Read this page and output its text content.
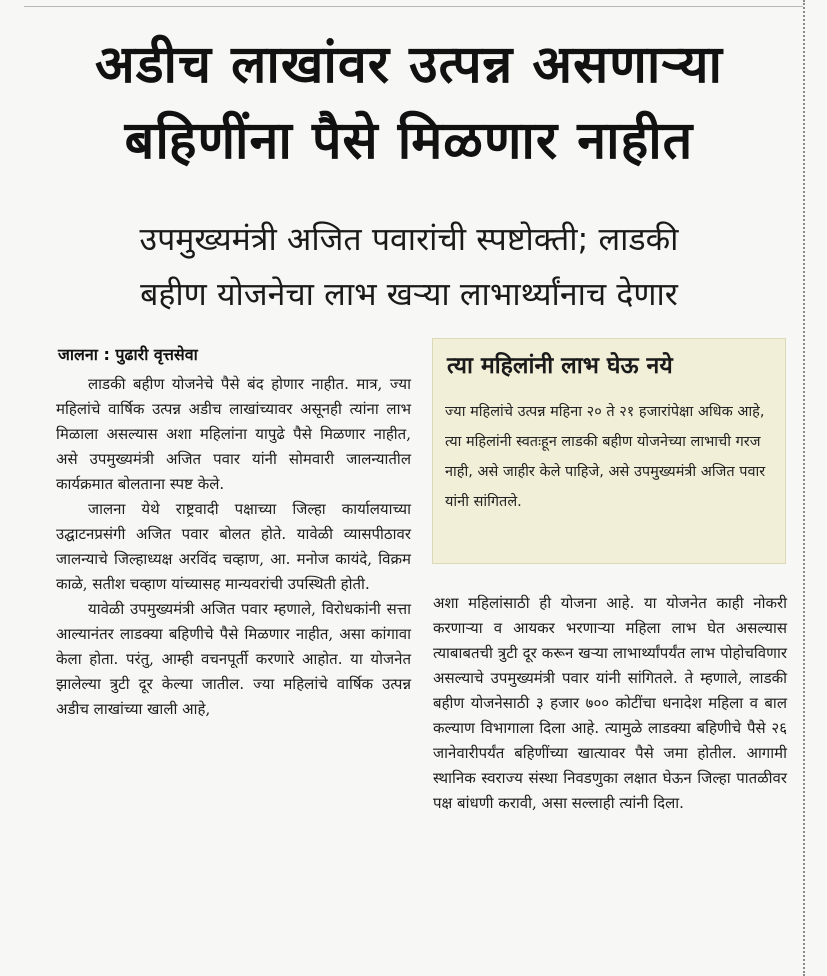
अडीच लाखांवर उत्पन्न असणाऱ्या
बहिणींना पैसे मिळणार नाहीत
उपमुख्यमंत्री अजित पवारांची स्पष्टोक्ती; लाडकी
बहीण योजनेचा लाभ खऱ्या लाभार्थ्यांनाच देणार
जालना : पुढारी वृत्तसेवा

लाडकी बहीण योजनेचे पैसे बंद होणार नाहीत. मात्र, ज्या महिलांचे वार्षिक उत्पन्न अडीच लाखांच्यावर असूनही त्यांना लाभ मिळाला असल्यास अशा महिलांना यापुढे पैसे मिळणार नाहीत, असे उपमुख्यमंत्री अजित पवार यांनी सोमवारी जालन्यातील कार्यक्रमात बोलताना स्पष्ट केले.

जालना येथे राष्ट्रवादी पक्षाच्या जिल्हा कार्यालयाच्या उद्घाटनप्रसंगी अजित पवार बोलत होते. यावेळी व्यासपीठावर जालन्याचे जिल्हाध्यक्ष अरविंद चव्हाण, आ. मनोज कायंदे, विक्रम काळे, सतीश चव्हाण यांच्यासह मान्यवरांची उपस्थिती होती.

यावेळी उपमुख्यमंत्री अजित पवार म्हणाले, विरोधकांनी सत्ता आल्यानंतर लाडक्या बहिणीचे पैसे मिळणार नाहीत, असा कांगावा केला होता. परंतु, आम्ही वचनपूर्ती करणारे आहोत. या योजनेत झालेल्या त्रुटी दूर केल्या जातील. ज्या महिलांचे वार्षिक उत्पन्न अडीच लाखांच्या खाली आहे,

त्या महिलांनी लाभ घेऊ नये

ज्या महिलांचे उत्पन्न महिना २० ते २१ हजारांपेक्षा अधिक आहे, त्या महिलांनी स्वतःहून लाडकी बहीण योजनेच्या लाभाची गरज नाही, असे जाहीर केले पाहिजे, असे उपमुख्यमंत्री अजित पवार यांनी सांगितले.

अशा महिलांसाठी ही योजना आहे. या योजनेत काही नोकरी करणाऱ्या व आयकर भरणाऱ्या महिला लाभ घेत असल्यास त्याबाबतची त्रुटी दूर करून खऱ्या लाभार्थ्यांपर्यंत लाभ पोहोचविणार असल्याचे उपमुख्यमंत्री पवार यांनी सांगितले. ते म्हणाले, लाडकी बहीण योजनेसाठी ३ हजार ७०० कोटींचा धनादेश महिला व बाल कल्याण विभागाला दिला आहे. त्यामुळे लाडक्या बहिणीचे पैसे २६ जानेवारीपर्यंत बहिणींच्या खात्यावर पैसे जमा होतील. आगामी स्थानिक स्वराज्य संस्था निवडणुका लक्षात घेऊन जिल्हा पातळीवर पक्ष बांधणी करावी, असा सल्लाही त्यांनी दिला.
